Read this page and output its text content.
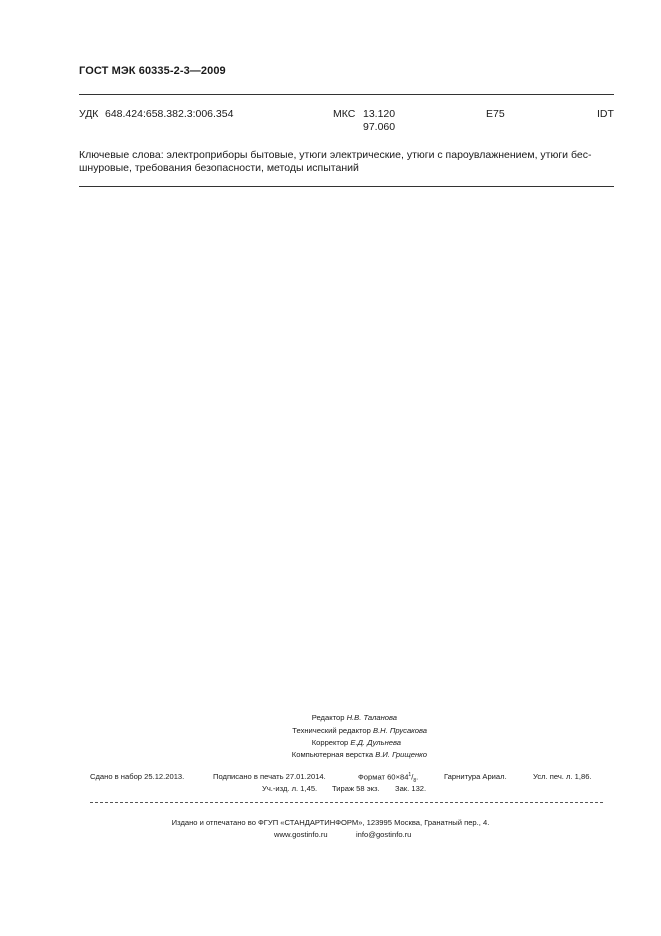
ГОСТ МЭК 60335-2-3—2009
УДК 648.424:658.382.3:006.354	МКС 13.120
97.060
Е75	IDT
Ключевые слова: электроприборы бытовые, утюги электрические, утюги с пароувлажнением, утюги бес-
шнуровые, требования безопасности, методы испытаний
Редактор Н.В. Таланова
Технический редактор В.Н. Прусакова
Корректор Е.Д. Дульнева
Компьютерная верстка В.И. Грищенко
Сдано в набор 25.12.2013.	Подписано в печать 27.01.2014.	Формат $60\times 84^1/_8$.	Гарнитура Ариал.	Усл. печ. л. 1,86.
Уч.-изд. л. 1,45. Тираж 58 экз. Зак. 132.
Издано и отпечатано во ФГУП «СТАНДАРТИНФОРМ», 123995 Москва, Гранатный пер., 4.
www.gostinfo.ru	info@gostinfo.ru
